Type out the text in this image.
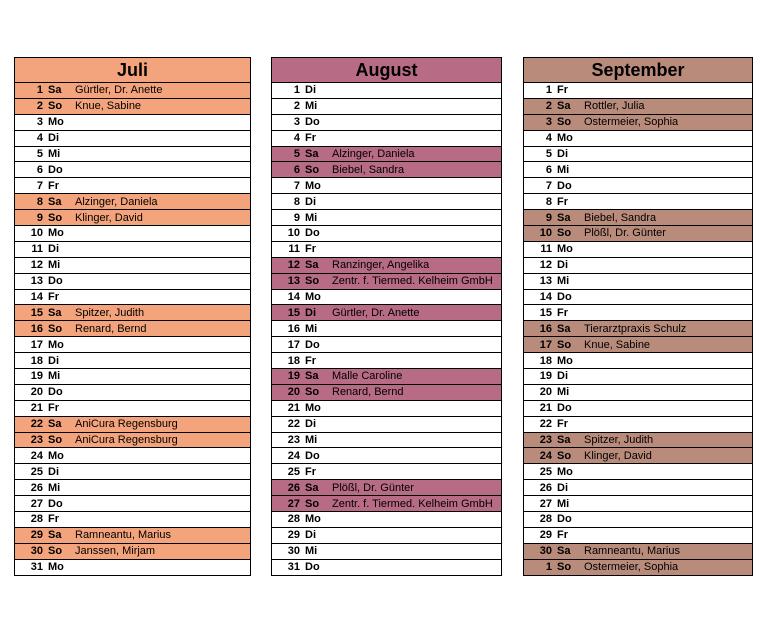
Juli
1 Sa	Gürtler, Dr. Anette
2 So	Knue, Sabine
3 Mo
4 Di
5 Mi
6 Do
7 Fr
8 Sa	Alzinger, Daniela
9 So	Klinger, David
10 Mo
11 Di
12 Mi
13 Do
14 Fr
15 Sa	Spitzer, Judith
16 So	Renard, Bernd
17 Mo
18 Di
19 Mi
20 Do
21 Fr
22 Sa	AniCura Regensburg
23 So	AniCura Regensburg
24 Mo
25 Di
26 Mi
27 Do
28 Fr
29 Sa	Ramneantu, Marius
30 So	Janssen, Mirjam
31 Mo
August
1 Di
2 Mi
3 Do
4 Fr
5 Sa	Alzinger, Daniela
6 So	Biebel, Sandra
7 Mo
8 Di
9 Mi
10 Do
11 Fr
12 Sa	Ranzinger, Angelika
13 So	Zentr. f. Tiermed. Kelheim GmbH
14 Mo
15 Di	Gürtler, Dr. Anette
16 Mi
17 Do
18 Fr
19 Sa	Malle Caroline
20 So	Renard, Bernd
21 Mo
22 Di
23 Mi
24 Do
25 Fr
26 Sa	Plößl, Dr. Günter
27 So	Zentr. f. Tiermed. Kelheim GmbH
28 Mo
29 Di
30 Mi
31 Do
September
1 Fr
2 Sa	Rottler, Julia
3 So	Ostermeier, Sophia
4 Mo
5 Di
6 Mi
7 Do
8 Fr
9 Sa	Biebel, Sandra
10 So	Plößl, Dr. Günter
11 Mo
12 Di
13 Mi
14 Do
15 Fr
16 Sa	Tierarztpraxis Schulz
17 So	Knue, Sabine
18 Mo
19 Di
20 Mi
21 Do
22 Fr
23 Sa	Spitzer, Judith
24 So	Klinger, David
25 Mo
26 Di
27 Mi
28 Do
29 Fr
30 Sa	Ramneantu, Marius
1 So	Ostermeier, Sophia
